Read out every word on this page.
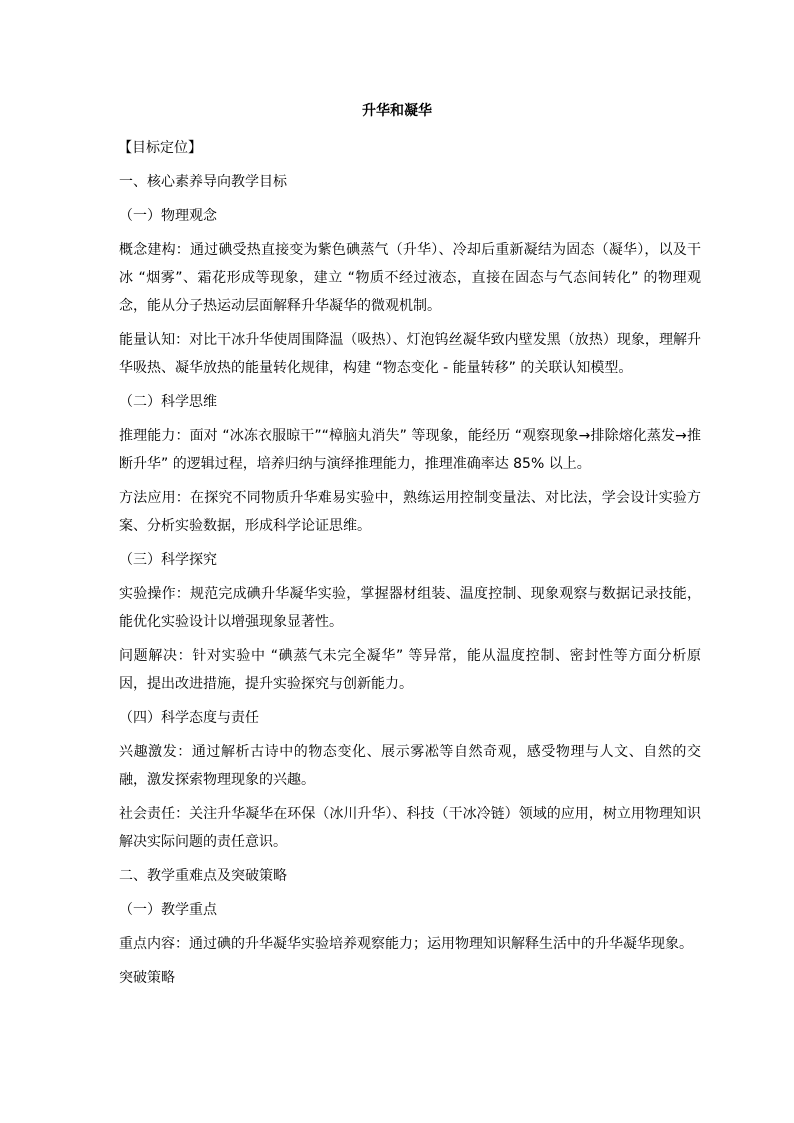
升华和凝华

【目标定位】

一、核心素养导向教学目标

（一）物理观念

概念建构：通过碘受热直接变为紫色碘蒸气（升华）、冷却后重新凝结为固态（凝华），以及干冰 “烟雾”、霜花形成等现象，建立 “物质不经过液态，直接在固态与气态间转化” 的物理观念，能从分子热运动层面解释升华凝华的微观机制。

能量认知：对比干冰升华使周围降温（吸热）、灯泡钨丝凝华致内壁发黑（放热）现象，理解升华吸热、凝华放热的能量转化规律，构建 “物态变化 - 能量转移” 的关联认知模型。

（二）科学思维

推理能力：面对 “冰冻衣服晾干”“樟脑丸消失” 等现象，能经历 “观察现象→排除熔化蒸发→推断升华” 的逻辑过程，培养归纳与演绎推理能力，推理准确率达 85% 以上。

方法应用：在探究不同物质升华难易实验中，熟练运用控制变量法、对比法，学会设计实验方案、分析实验数据，形成科学论证思维。

（三）科学探究

实验操作：规范完成碘升华凝华实验，掌握器材组装、温度控制、现象观察与数据记录技能，能优化实验设计以增强现象显著性。

问题解决：针对实验中 “碘蒸气未完全凝华” 等异常，能从温度控制、密封性等方面分析原因，提出改进措施，提升实验探究与创新能力。

（四）科学态度与责任

兴趣激发：通过解析古诗中的物态变化、展示雾凇等自然奇观，感受物理与人文、自然的交融，激发探索物理现象的兴趣。

社会责任：关注升华凝华在环保（冰川升华）、科技（干冰冷链）领域的应用，树立用物理知识解决实际问题的责任意识。

二、教学重难点及突破策略

（一）教学重点

重点内容：通过碘的升华凝华实验培养观察能力；运用物理知识解释生活中的升华凝华现象。

突破策略
